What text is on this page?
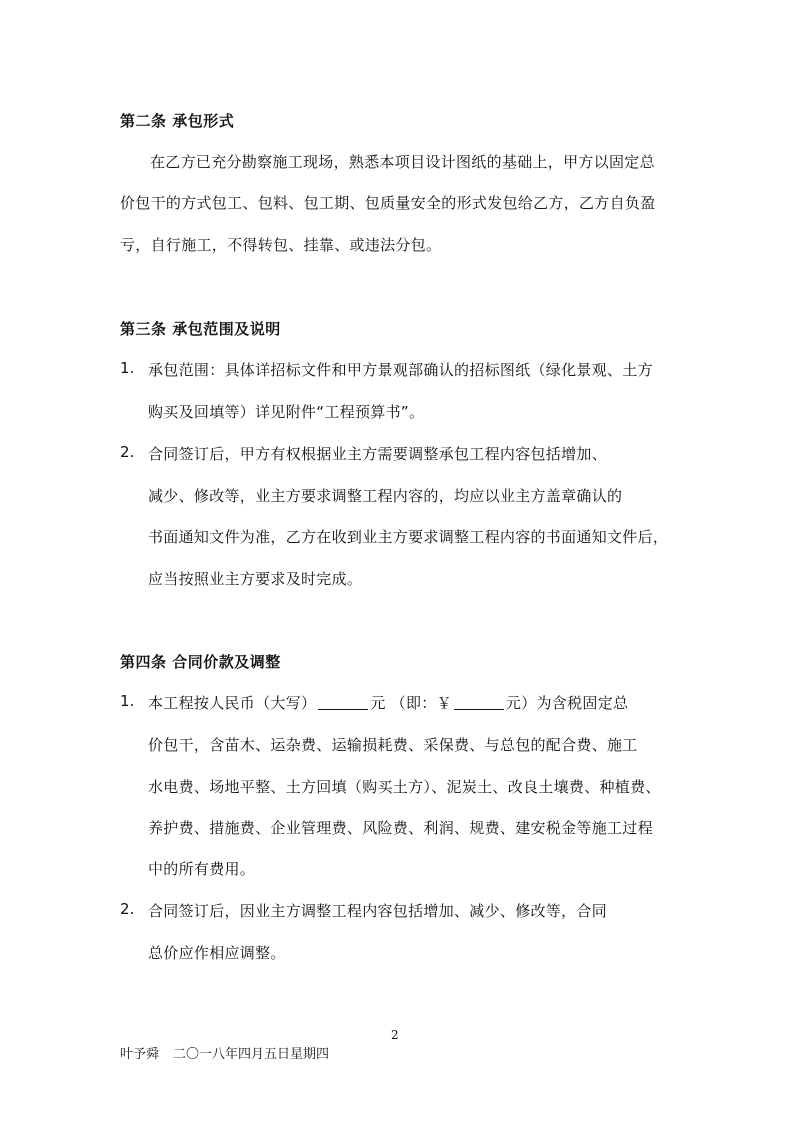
第二条 承包形式
在乙方已充分勘察施工现场，熟悉本项目设计图纸的基础上，甲方以固定总
价包干的方式包工、包料、包工期、包质量安全的形式发包给乙方，乙方自负盈
亏，自行施工，不得转包、挂靠、或违法分包。
第三条 承包范围及说明
1. 承包范围：具体详招标文件和甲方景观部确认的招标图纸（绿化景观、土方
购买及回填等）详见附件“工程预算书”。
2. 合同签订后，甲方有权根据业主方需要调整承包工程内容包括增加、
减少、修改等，业主方要求调整工程内容的，均应以业主方盖章确认的
书面通知文件为准，乙方在收到业主方要求调整工程内容的书面通知文件后，
应当按照业主方要求及时完成。
第四条 合同价款及调整
1. 本工程按人民币（大写）	元 （即：￥	元）为含税固定总
价包干，含苗木、运杂费、运输损耗费、采保费、与总包的配合费、施工
水电费、场地平整、土方回填（购买土方）、泥炭土、改良土壤费、种植费、
养护费、措施费、企业管理费、风险费、利润、规费、建安税金等施工过程
中的所有费用。
2. 合同签订后，因业主方调整工程内容包括增加、减少、修改等，合同
总价应作相应调整。
2
叶予舜 二〇一八年四月五日星期四
